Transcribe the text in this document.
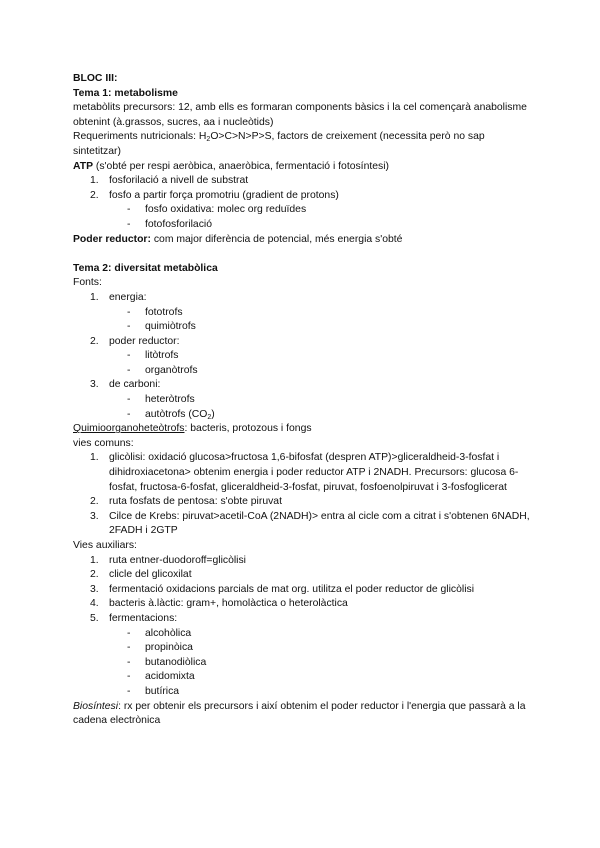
BLOC III:
Tema 1: metabolisme
metabòlits precursors: 12, amb ells es formaran components bàsics i la cel començarà anabolisme obtenint (à.grassos, sucres, aa i nucleòtids)
Requeriments nutricionals: $H_2O>C>N>P>S$, factors de creixement (necessita però no sap sintetitzar)
ATP (s'obté per respi aeròbica, anaeròbica, fermentació i fotosíntesi)
1. fosforilació a nivell de substrat
2. fosfo a partir força promotriu (gradient de protons)
- fosfo oxidativa: molec org reduïdes
- fotofosforilació
Poder reductor: com major diferència de potencial, més energia s'obté
Tema 2: diversitat metabòlica
Fonts:
1. energia:
- fototrofs
- quimiòtrofs
2. poder reductor:
- litòtrofs
- organòtrofs
3. de carboni:
- heteròtrofs
- autòtrofs $(CO_2)$
Quimioorganoheteòtrofs: bacteris, protozous i fongs
vies comuns:
1. glicòlisi: oxidació glucosa>fructosa 1,6-bifosfat (despren ATP)>gliceraldheid-3-fosfat i dihidroxiacetona> obtenim energia i poder reductor ATP i 2NADH. Precursors: glucosa 6-fosfat, fructosa-6-fosfat, gliceraldheid-3-fosfat, piruvat, fosfoenolpiruvat i 3-fosfoglicerat
2. ruta fosfats de pentosa: s'obte piruvat
3. Cilce de Krebs: piruvat>acetil-CoA (2NADH)> entra al cicle com a citrat i s'obtenen 6NADH, 2FADH i 2GTP
Vies auxiliars:
1. ruta entner-duodoroff=glicòlisi
2. clicle del glicoxilat
3. fermentació oxidacions parcials de mat org. utilitza el poder reductor de glicòlisi
4. bacteris à.làctic: gram+, homolàctica o heterolàctica
5. fermentacions:
- alcohòlica
- propinòica
- butanodiòlica
- acidomixta
- butírica
Biosíntesi: rx per obtenir els precursors i així obtenim el poder reductor i l'energia que passarà a la cadena electrònica
